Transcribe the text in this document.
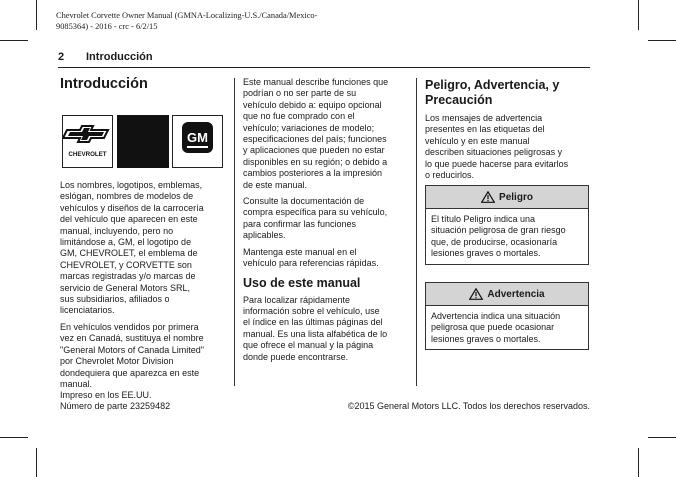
Chevrolet Corvette Owner Manual (GMNA-Localizing-U.S./Canada/Mexico-
9085364) - 2016 - crc - 6/2/15
2 Introducción
Introducción
CHEVROLET
GM

Los nombres, logotipos, emblemas,
eslógan, nombres de modelos de
vehículos y diseños de la carrocería
del vehículo que aparecen en este
manual, incluyendo, pero no
limitándose a, GM, el logotipo de
GM, CHEVROLET, el emblema de
CHEVROLET, y CORVETTE son
marcas registradas y/o marcas de
servicio de General Motors SRL,
sus subsidiarios, afiliados o
licenciatarios.

En vehículos vendidos por primera
vez en Canadá, sustituya el nombre
"General Motors of Canada Limited"
por Chevrolet Motor Division
dondequiera que aparezca en este
manual.

Este manual describe funciones que
podrían o no ser parte de su
vehículo debido a: equipo opcional
que no fue comprado con el
vehículo; variaciones de modelo;
especificaciones del país; funciones
y aplicaciones que pueden no estar
disponibles en su región; o debido a
cambios posteriores a la impresión
de este manual.

Consulte la documentación de
compra específica para su vehículo,
para confirmar las funciones
aplicables.

Mantenga este manual en el
vehículo para referencias rápidas.

Uso de este manual

Para localizar rápidamente
información sobre el vehículo, use
el índice en las últimas páginas del
manual. Es una lista alfabética de lo
que ofrece el manual y la página
donde puede encontrarse.

Peligro, Advertencia, y
Precaución

Los mensajes de advertencia
presentes en las etiquetas del
vehículo y en este manual
describen situaciones peligrosas y
lo que puede hacerse para evitarlos
o reducirlos.

Peligro
El título Peligro indica una
situación peligrosa de gran riesgo
que, de producirse, ocasionaría
lesiones graves o mortales.
Advertencia
Advertencia indica una situación
peligrosa que puede ocasionar
lesiones graves o mortales.
Impreso en los EE.UU.
Número de parte 23259482	©2015 General Motors LLC. Todos los derechos reservados.
